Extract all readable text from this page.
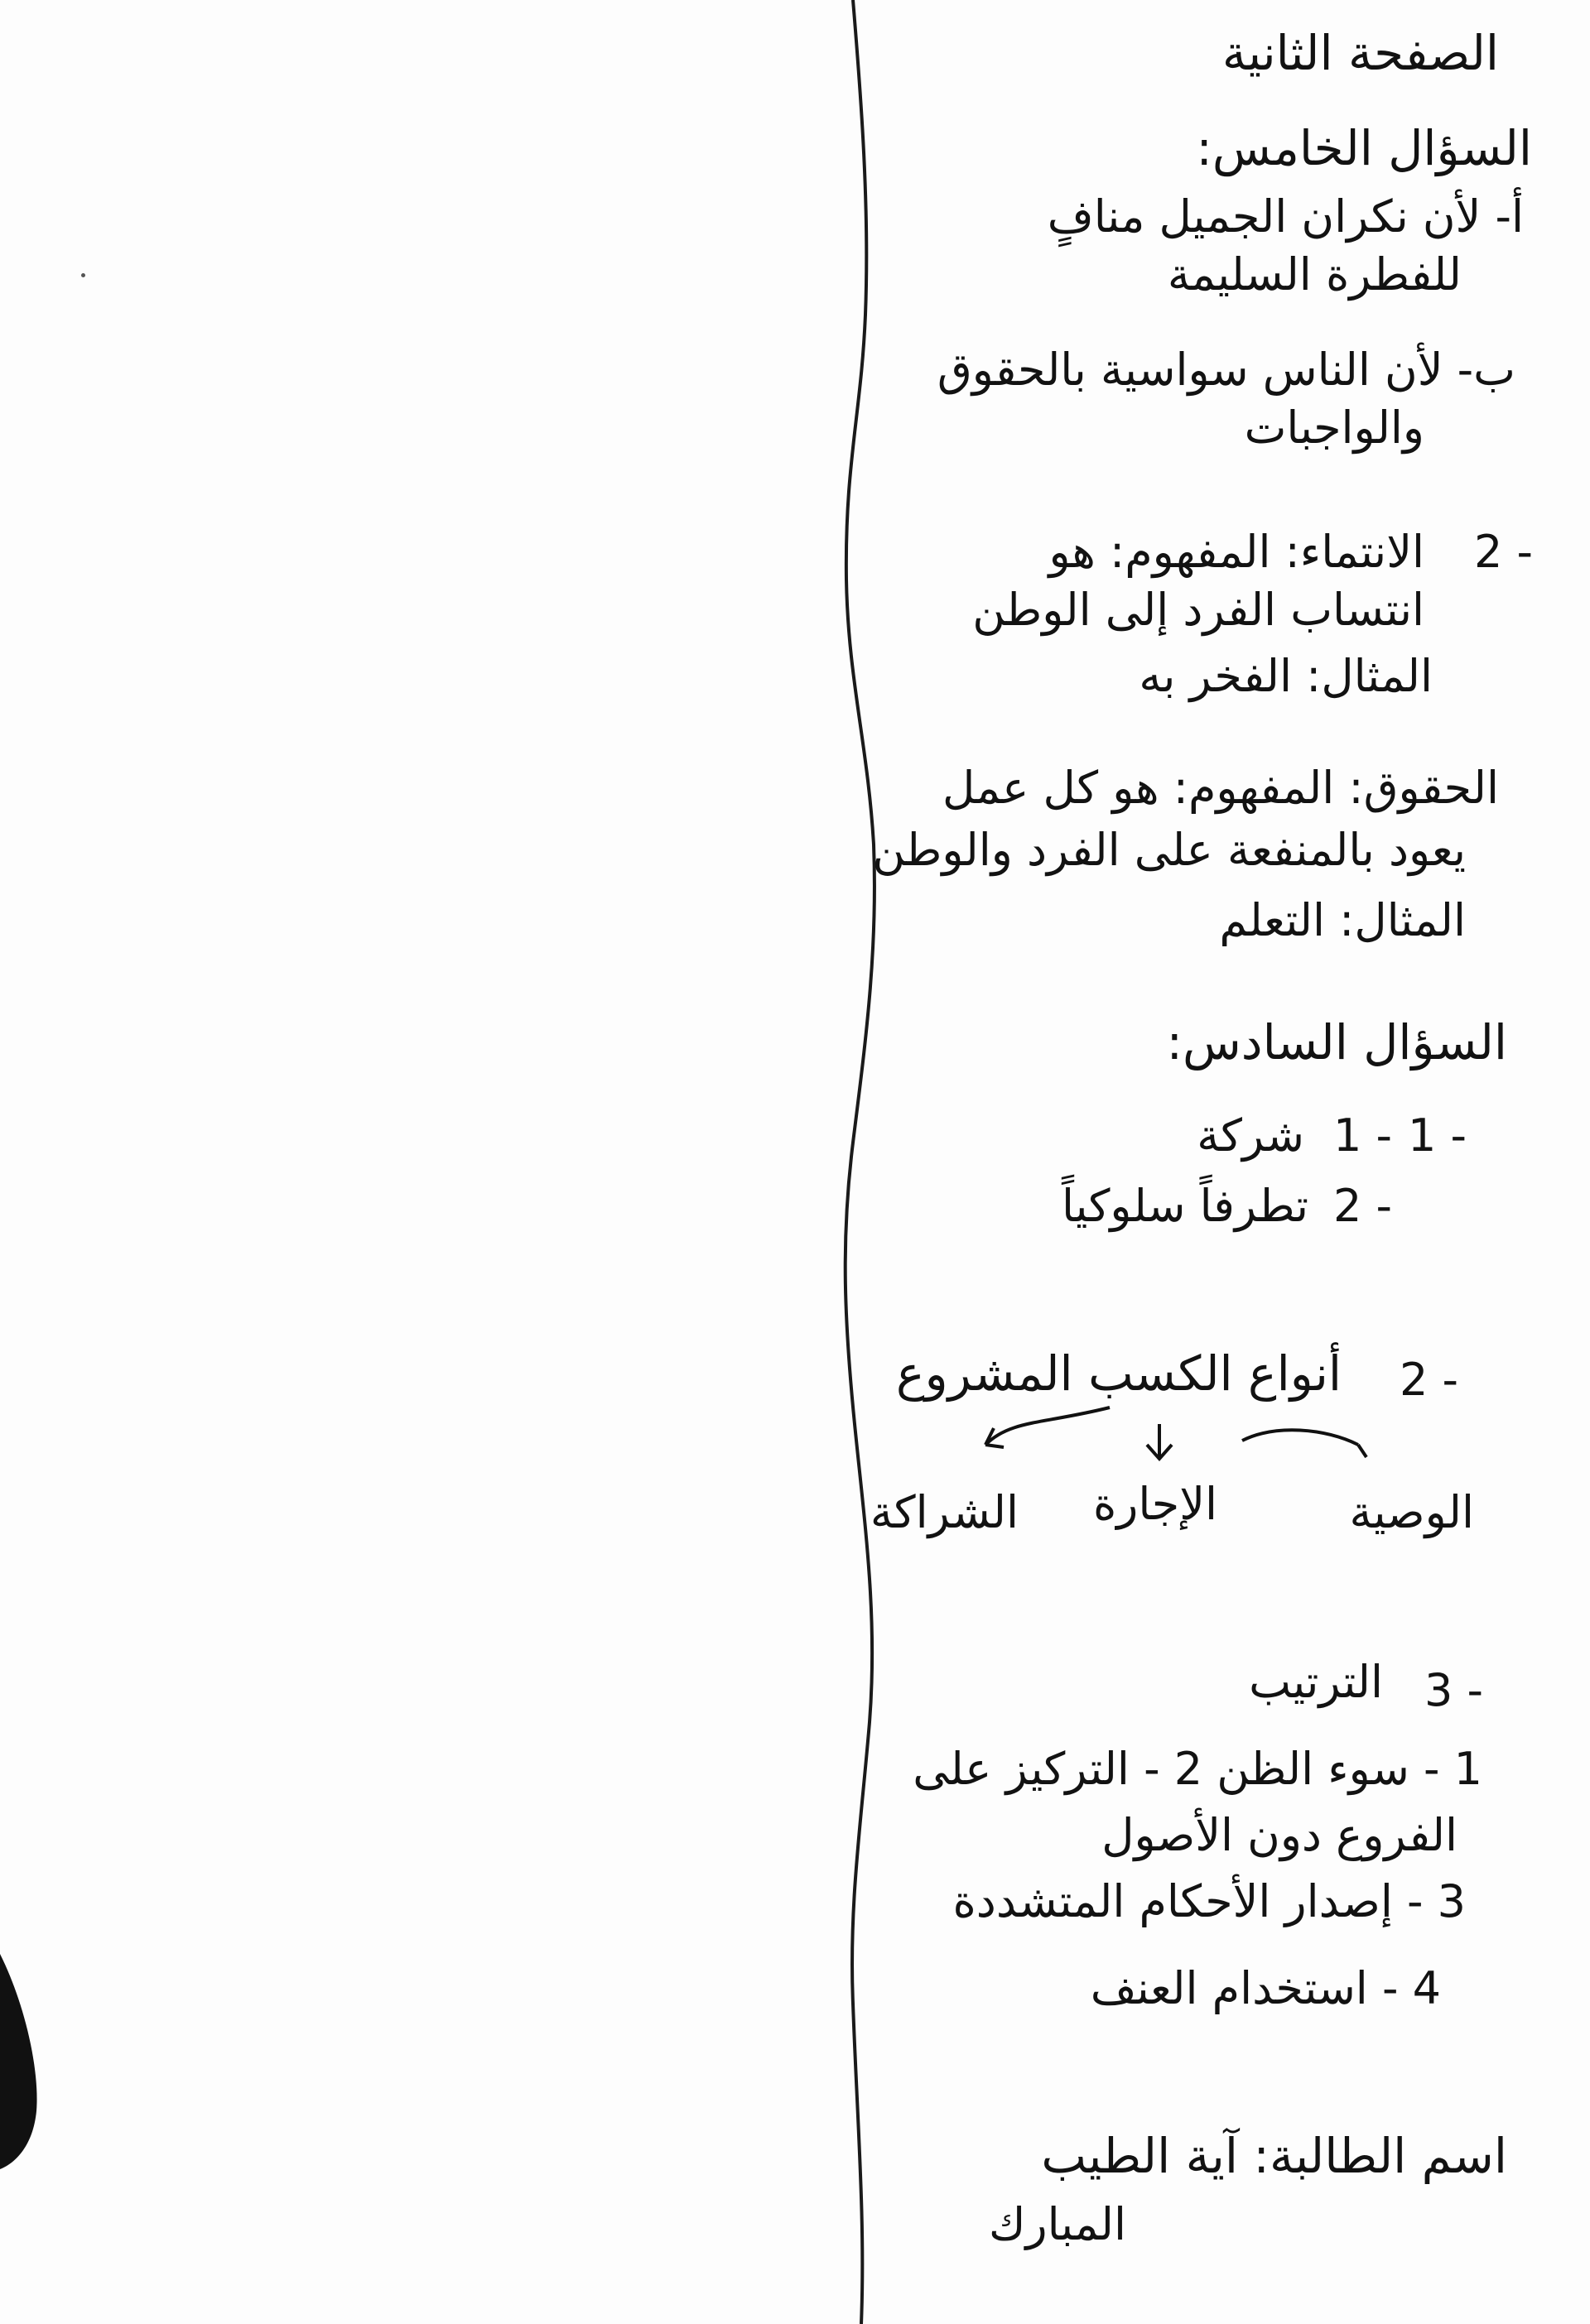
الصفحة الثانية
السؤال الخامس:
أ- لأن نكران الجميل منافٍ
للفطرة السليمة
ب- لأن الناس سواسية بالحقوق
والواجبات
2 -
الانتماء: المفهوم: هو
انتساب الفرد إلى الوطن
المثال: الفخر به
الحقوق: المفهوم: هو كل عمل
يعود بالمنفعة على الفرد والوطن
المثال: التعلم
السؤال السادس:
1 -
1 -
شركة
2 -
تطرفاً سلوكياً
2 -
أنواع الكسب المشروع
الوصية
الإجارة
الشراكة
3 -
الترتيب
1 - سوء الظن 2 - التركيز على
الفروع دون الأصول
3 - إصدار الأحكام المتشددة
4 - استخدام العنف
اسم الطالبة: آية الطيب
المبارك
